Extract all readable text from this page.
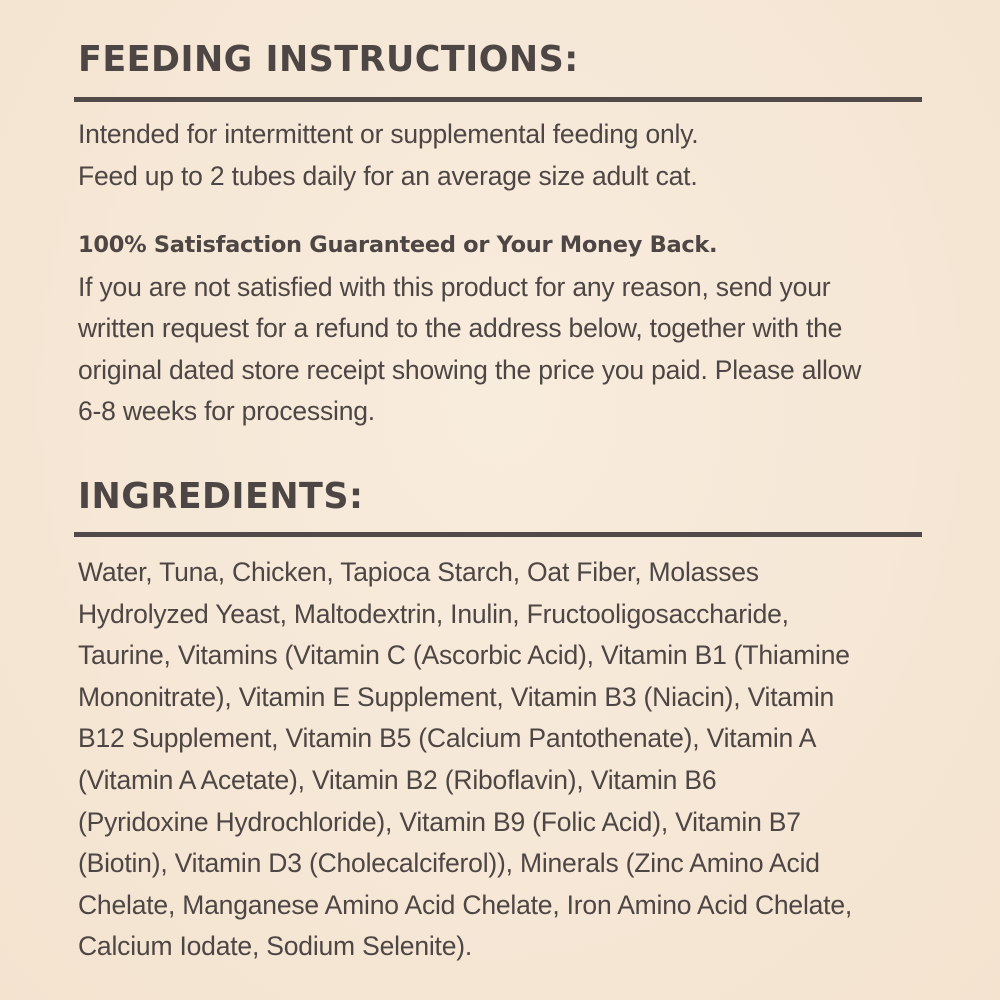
FEEDING INSTRUCTIONS:

Intended for intermittent or supplemental feeding only.
Feed up to 2 tubes daily for an average size adult cat.

100% Satisfaction Guaranteed or Your Money Back.
If you are not satisfied with this product for any reason, send your
written request for a refund to the address below, together with the
original dated store receipt showing the price you paid. Please allow
6-8 weeks for processing.

INGREDIENTS:

Water, Tuna, Chicken, Tapioca Starch, Oat Fiber, Molasses
Hydrolyzed Yeast, Maltodextrin, Inulin, Fructooligosaccharide,
Taurine, Vitamins (Vitamin C (Ascorbic Acid), Vitamin B1 (Thiamine
Mononitrate), Vitamin E Supplement, Vitamin B3 (Niacin), Vitamin
B12 Supplement, Vitamin B5 (Calcium Pantothenate), Vitamin A
(Vitamin A Acetate), Vitamin B2 (Riboflavin), Vitamin B6
(Pyridoxine Hydrochloride), Vitamin B9 (Folic Acid), Vitamin B7
(Biotin), Vitamin D3 (Cholecalciferol)), Minerals (Zinc Amino Acid
Chelate, Manganese Amino Acid Chelate, Iron Amino Acid Chelate,
Calcium Iodate, Sodium Selenite).
